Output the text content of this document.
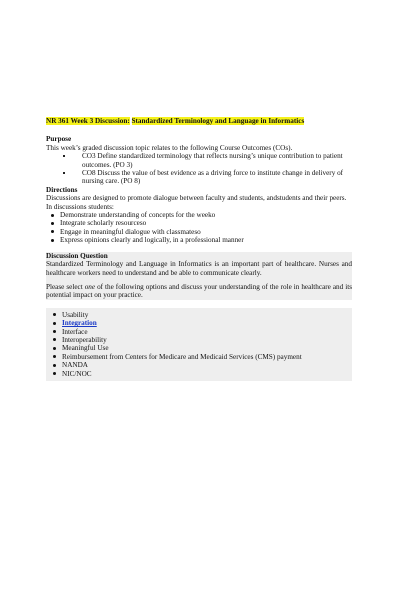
NR 361 Week 3 Discussion: Standardized Terminology and Language in Informatics

Purpose

This week’s graded discussion topic relates to the following Course Outcomes (COs).

CO3 Define standardized terminology that reflects nursing’s unique contribution to patient outcomes. (PO 3)
CO8 Discuss the value of best evidence as a driving force to institute change in delivery of nursing care. (PO 8)

Directions

Discussions are designed to promote dialogue between faculty and students, andstudents and their peers. In discussions students:

Demonstrate understanding of concepts for the weeko
Integrate scholarly resourceso
Engage in meaningful dialogue with classmateso
Express opinions clearly and logically, in a professional manner

Discussion Question

Standardized Terminology and Language in Informatics is an important part of healthcare. Nurses and healthcare workers need to understand and be able to communicate clearly.

Please select one of the following options and discuss your understanding of the role in healthcare and its potential impact on your practice.

Usability
Integration
Interface
Interoperability
Meaningful Use
Reimbursement from Centers for Medicare and Medicaid Services (CMS) payment
NANDA
NIC/NOC
